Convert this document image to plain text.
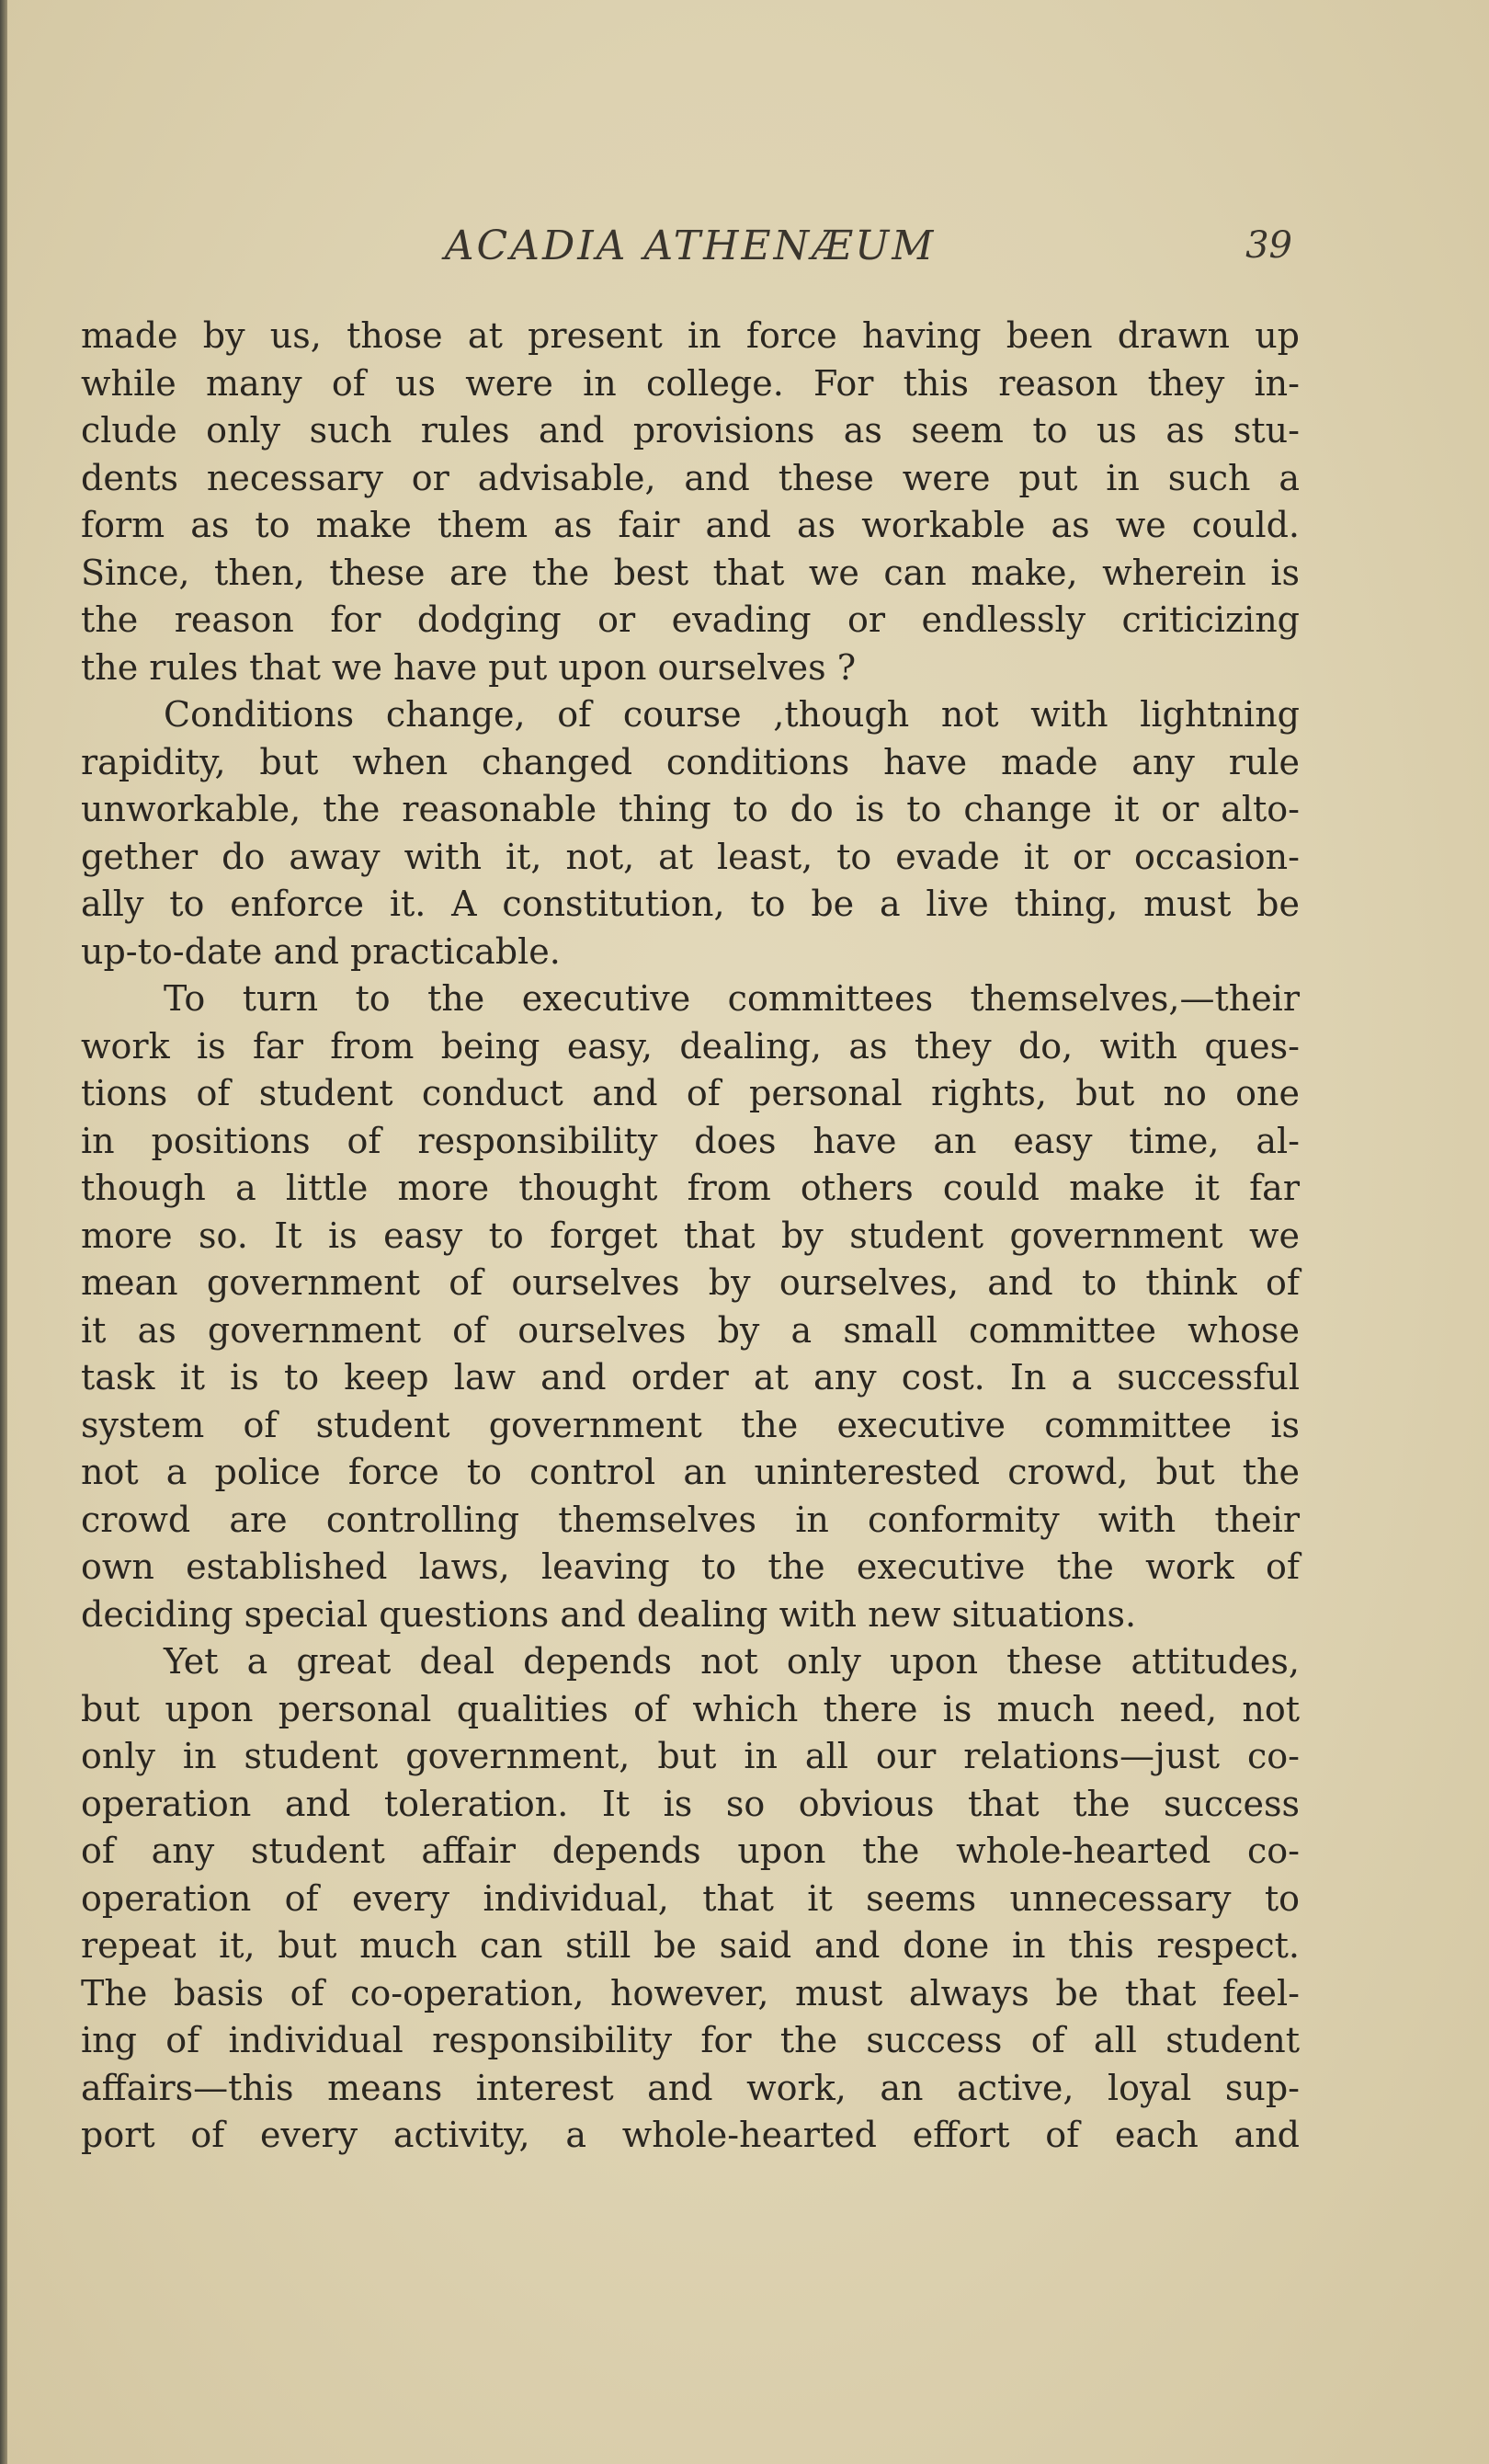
ACADIA ATHENÆUM	39
made by us, those at present in force having been drawn up
while many of us were in college. For this reason they in-
clude only such rules and provisions as seem to us as stu-
dents necessary or advisable, and these were put in such a
form as to make them as fair and as workable as we could.
Since, then, these are the best that we can make, wherein is
the reason for dodging or evading or endlessly criticizing
the rules that we have put upon ourselves ?
Conditions change, of course ,though not with lightning
rapidity, but when changed conditions have made any rule
unworkable, the reasonable thing to do is to change it or alto-
gether do away with it, not, at least, to evade it or occasion-
ally to enforce it. A constitution, to be a live thing, must be
up-to-date and practicable.
To turn to the executive committees themselves,—their
work is far from being easy, dealing, as they do, with ques-
tions of student conduct and of personal rights, but no one
in positions of responsibility does have an easy time, al-
though a little more thought from others could make it far
more so. It is easy to forget that by student government we
mean government of ourselves by ourselves, and to think of
it as government of ourselves by a small committee whose
task it is to keep law and order at any cost. In a successful
system of student government the executive committee is
not a police force to control an uninterested crowd, but the
crowd are controlling themselves in conformity with their
own established laws, leaving to the executive the work of
deciding special questions and dealing with new situations.
Yet a great deal depends not only upon these attitudes,
but upon personal qualities of which there is much need, not
only in student government, but in all our relations—just co-
operation and toleration. It is so obvious that the success
of any student affair depends upon the whole-hearted co-
operation of every individual, that it seems unnecessary to
repeat it, but much can still be said and done in this respect.
The basis of co-operation, however, must always be that feel-
ing of individual responsibility for the success of all student
affairs—this means interest and work, an active, loyal sup-
port of every activity, a whole-hearted effort of each and
